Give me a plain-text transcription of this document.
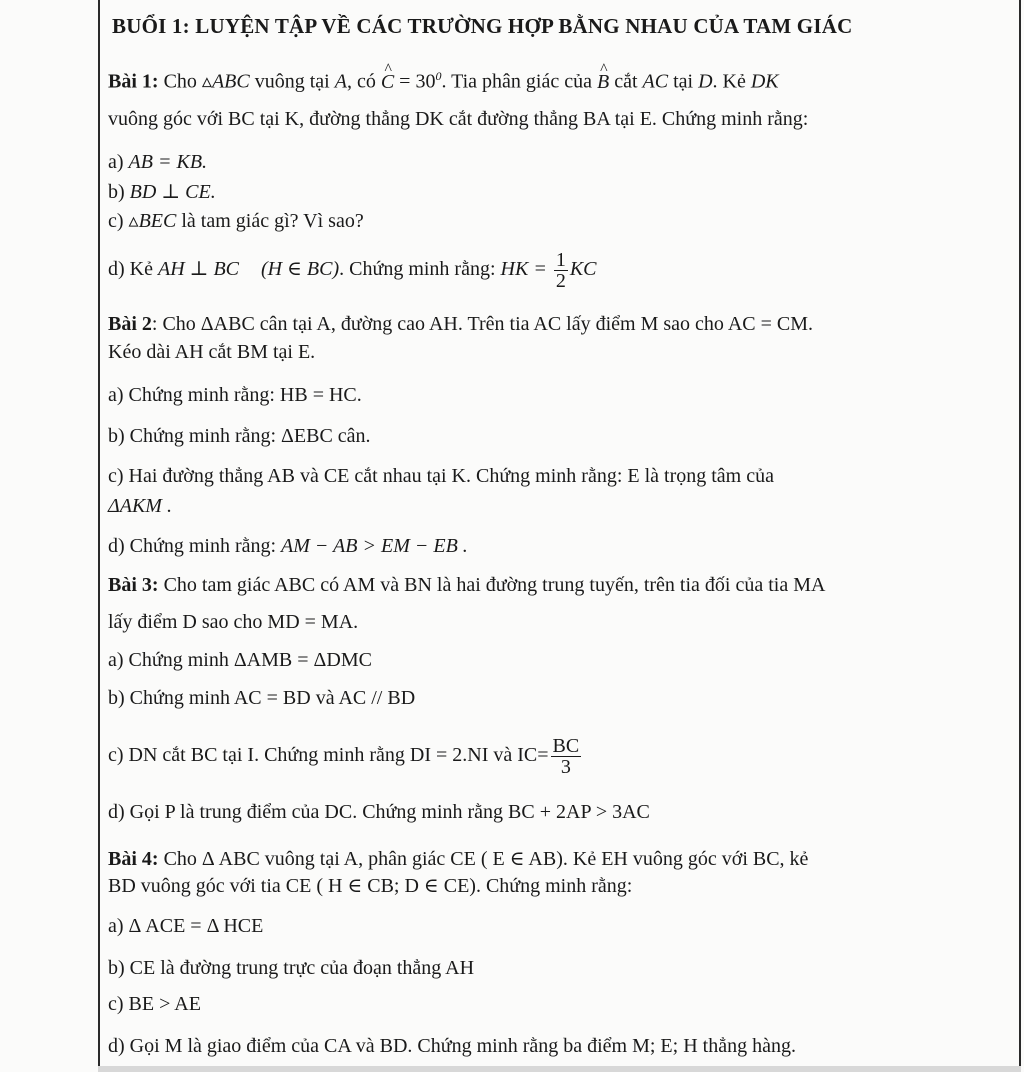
BUỔI 1: LUYỆN TẬP VỀ CÁC TRƯỜNG HỢP BẰNG NHAU CỦA TAM GIÁC
Bài 1: Cho ▵ABC vuông tại A, có ^ $C = 30^0$. Tia phân giác của ^ B cắt AC tại D. Kẻ DK
vuông góc với BC tại K, đường thẳng DK cắt đường thẳng BA tại E. Chứng minh rằng:
a) AB = KB.
b) BD ⊥ CE.
c) ▵BEC là tam giác gì? Vì sao?
d) Kẻ AH ⊥ BC (H ∈ BC). Chứng minh rằng: HK = $\frac{1}{2}$ KC
Bài 2: Cho ΔABC cân tại A, đường cao AH. Trên tia AC lấy điểm M sao cho AC = CM.
Kéo dài AH cắt BM tại E.
a) Chứng minh rằng: HB = HC.
b) Chứng minh rằng: ΔEBC cân.
c) Hai đường thẳng AB và CE cắt nhau tại K. Chứng minh rằng: E là trọng tâm của
ΔAKM .
d) Chứng minh rằng: AM − AB > EM − EB .
Bài 3: Cho tam giác ABC có AM và BN là hai đường trung tuyến, trên tia đối của tia MA
lấy điểm D sao cho MD = MA.
a) Chứng minh ΔAMB = ΔDMC
b) Chứng minh AC = BD và AC // BD
c) DN cắt BC tại I. Chứng minh rằng DI = 2.NI và $IC= \frac{BC}{3}$
d) Gọi P là trung điểm của DC. Chứng minh rằng BC + 2AP > 3AC
Bài 4: Cho Δ ABC vuông tại A, phân giác CE ( E ∈ AB). Kẻ EH vuông góc với BC, kẻ
BD vuông góc với tia CE ( H ∈ CB; D ∈ CE). Chứng minh rằng:
a) Δ ACE = Δ HCE
b) CE là đường trung trực của đoạn thẳng AH
c) BE > AE
d) Gọi M là giao điểm của CA và BD. Chứng minh rằng ba điểm M; E; H thẳng hàng.
